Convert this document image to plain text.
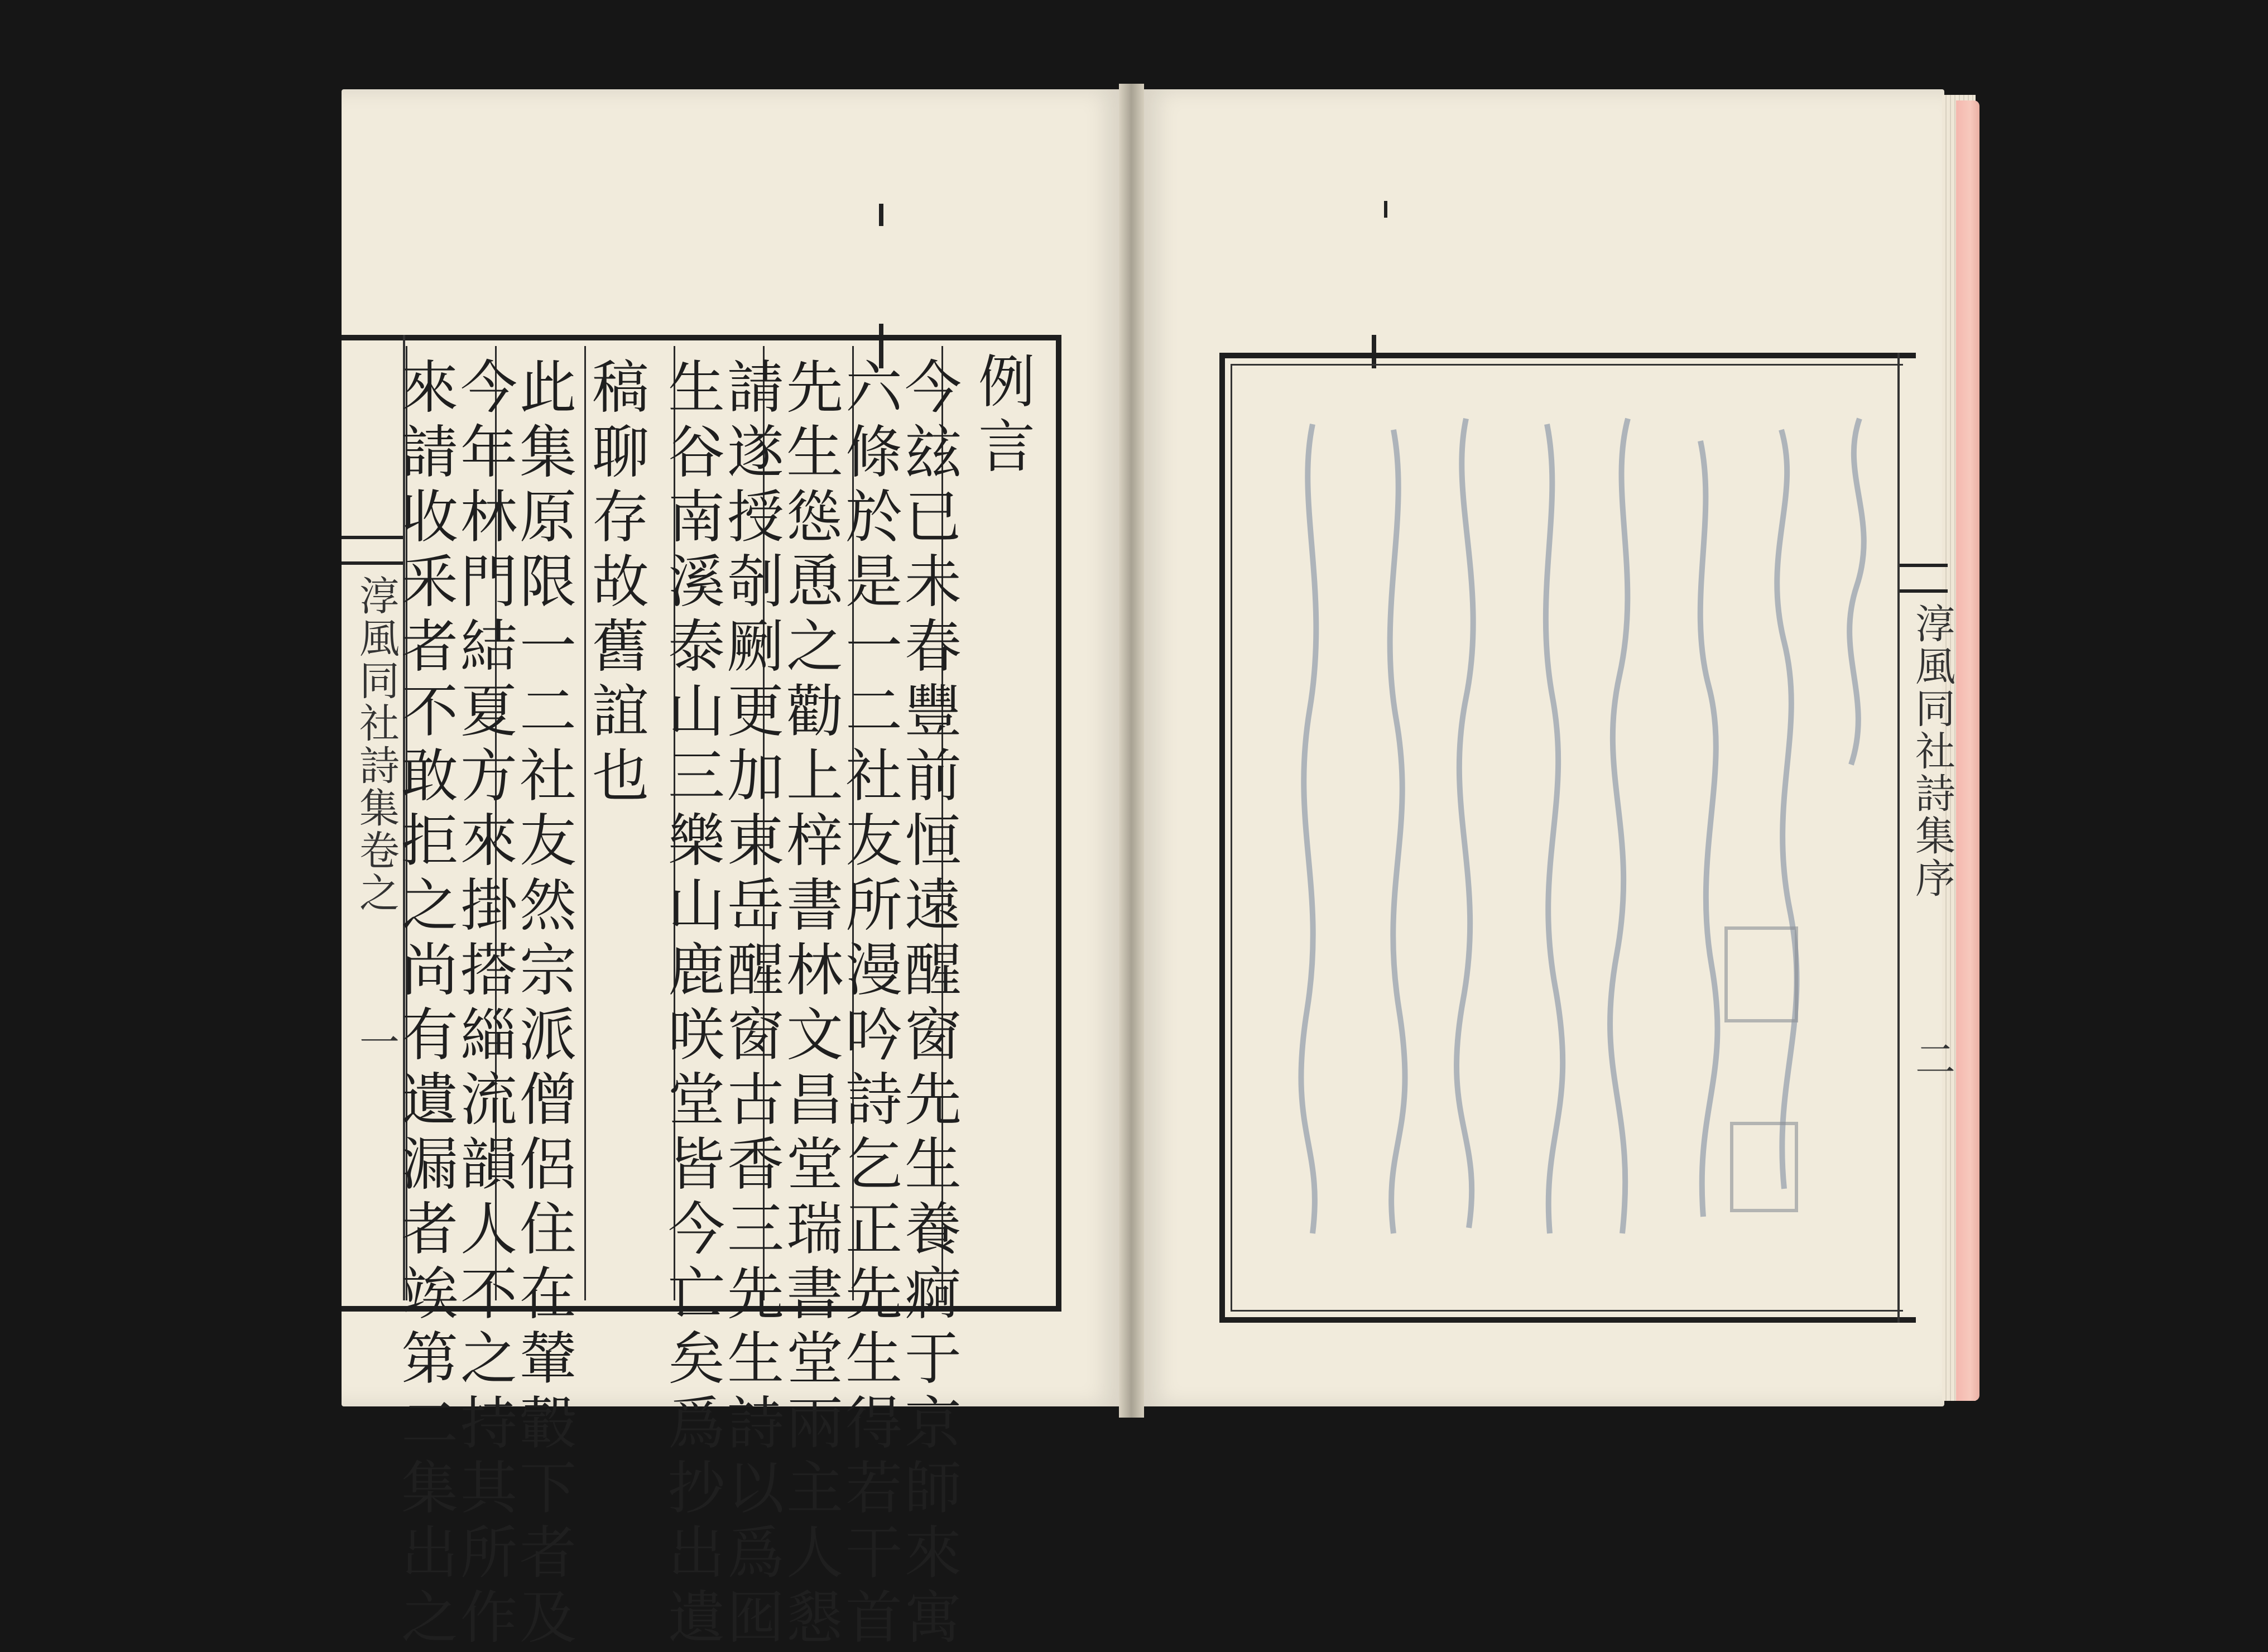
淳風同社詩集卷之
一
例言
今玆已未春豐前恒遠醒窗先生養痾于京師來寓
六條於是一二社友所漫吟詩乞正先生得若干首
先生慫恿之勸上梓書林文昌堂瑞書堂兩主人懇
請遂授剞劂更加東岳醒窗古香三先生詩以爲囮
生谷南溪泰山三樂山鹿咲堂皆今亡矣爲抄出遺
稿聊存故舊誼也
此集原限一二社友然宗派僧侶住在輦轂下者及
今年林門結夏方來掛搭緇流韻人不之持其所作
來請收釆者不敢拒之尚有遺漏者竢第二集出之	淳風同社詩集序
二
